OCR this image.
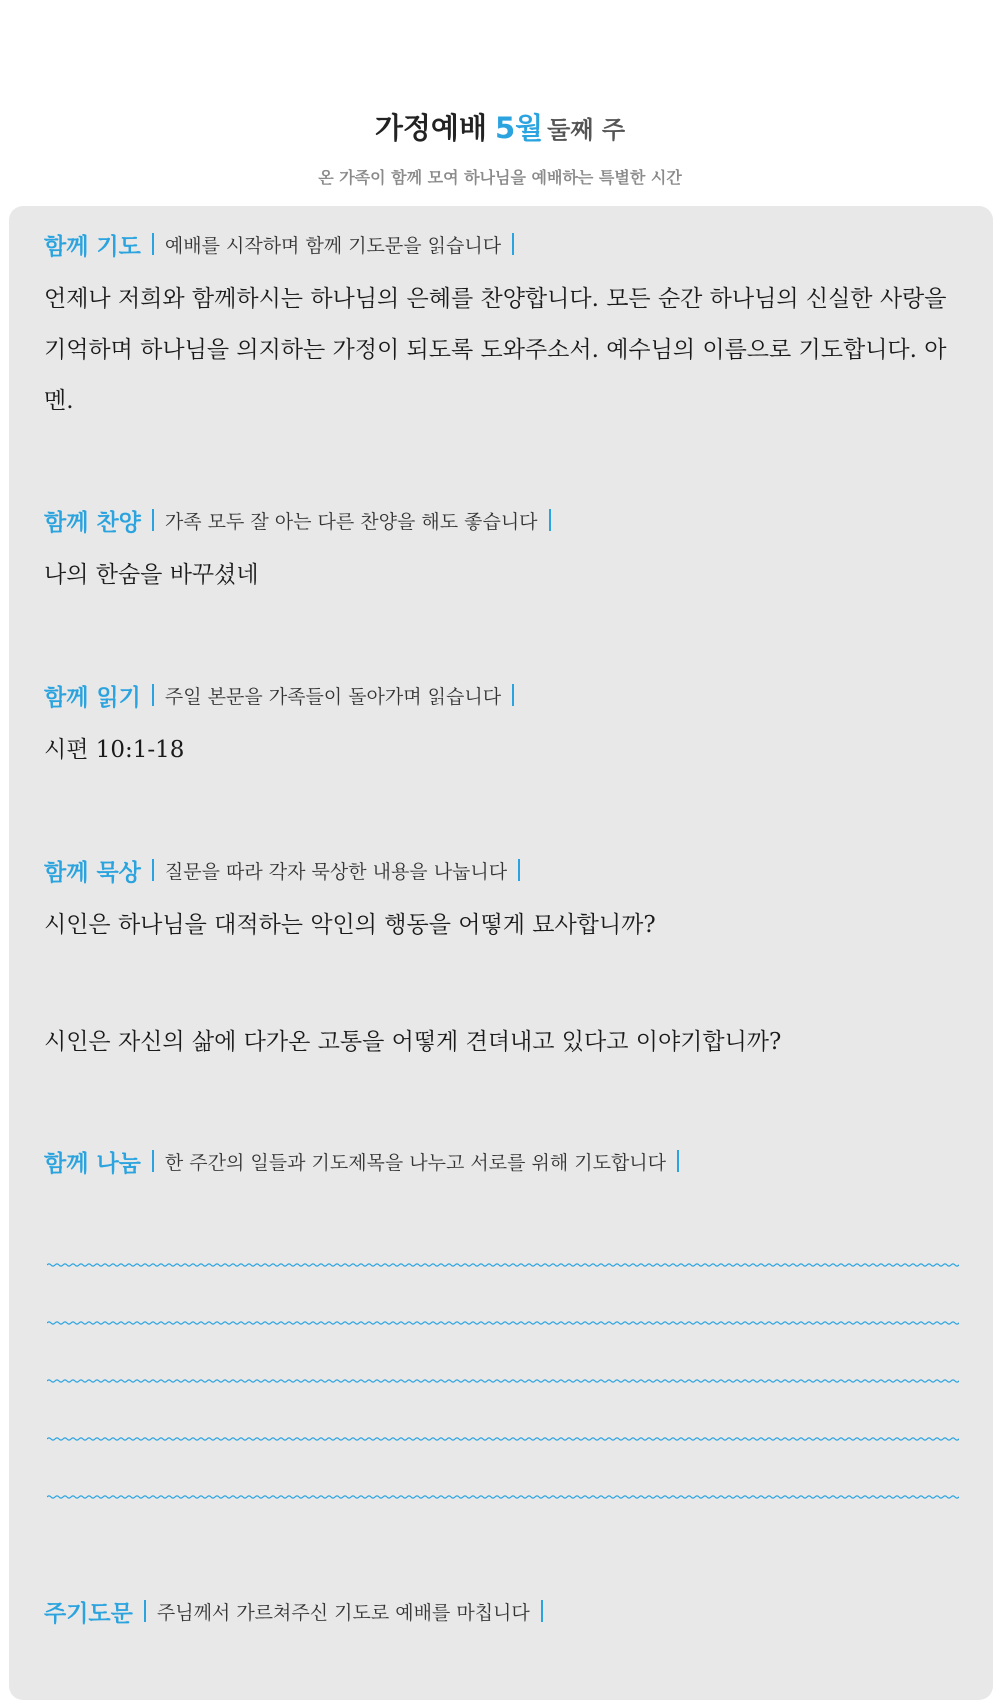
가정예배 5월 둘째 주
온 가족이 함께 모여 하나님을 예배하는 특별한 시간
함께 기도 예배를 시작하며 함께 기도문을 읽습니다
언제나 저희와 함께하시는 하나님의 은혜를 찬양합니다. 모든 순간 하나님의 신실한 사랑을 기억하며 하나님을 의지하는 가정이 되도록 도와주소서. 예수님의 이름으로 기도합니다. 아멘.
함께 찬양 가족 모두 잘 아는 다른 찬양을 해도 좋습니다
나의 한숨을 바꾸셨네
함께 읽기 주일 본문을 가족들이 돌아가며 읽습니다
시편 10:1-18
함께 묵상 질문을 따라 각자 묵상한 내용을 나눕니다
시인은 하나님을 대적하는 악인의 행동을 어떻게 묘사합니까?
시인은 자신의 삶에 다가온 고통을 어떻게 견뎌내고 있다고 이야기합니까?
함께 나눔 한 주간의 일들과 기도제목을 나누고 서로를 위해 기도합니다
주기도문 주님께서 가르쳐주신 기도로 예배를 마칩니다
